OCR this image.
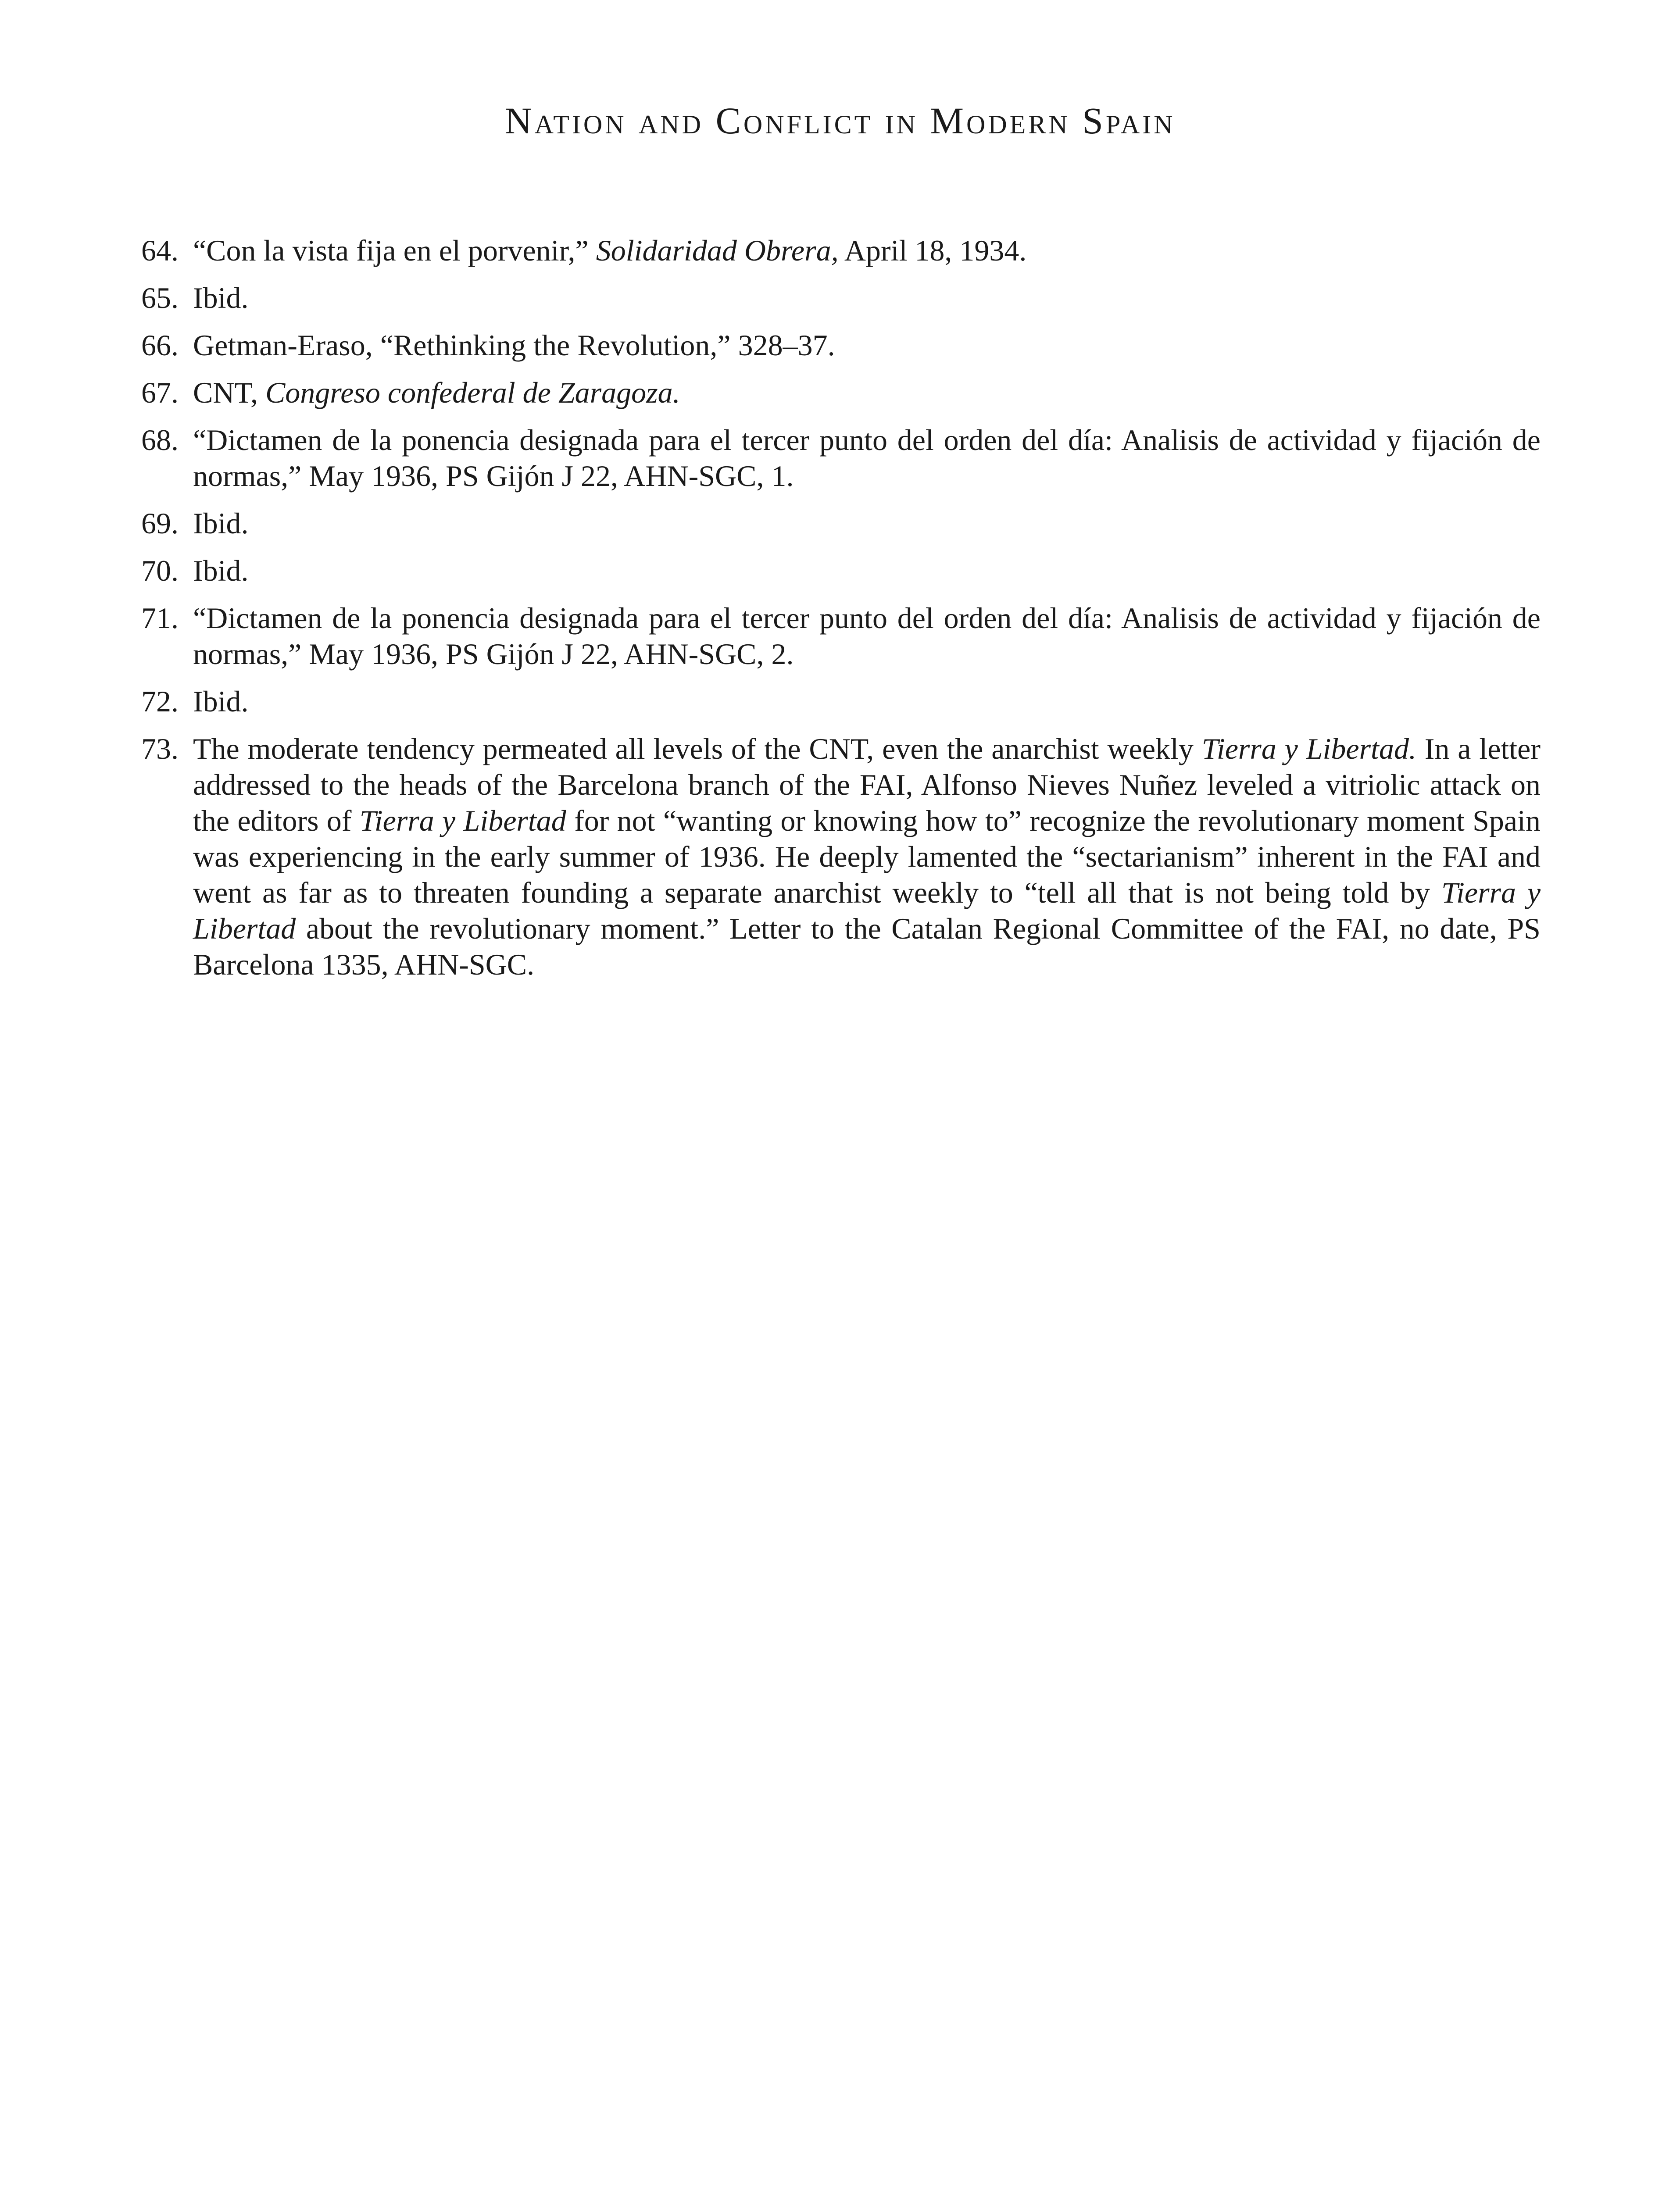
Nation and Conflict in Modern Spain
64. “Con la vista fija en el porvenir,” Solidaridad Obrera, April 18, 1934.
65. Ibid.
66. Getman-Eraso, “Rethinking the Revolution,” 328–37.
67. CNT, Congreso confederal de Zaragoza.
68. “Dictamen de la ponencia designada para el tercer punto del orden del día: Analisis de actividad y fijación de normas,” May 1936, PS Gijón J 22, AHN-SGC, 1.
69. Ibid.
70. Ibid.
71. “Dictamen de la ponencia designada para el tercer punto del orden del día: Analisis de actividad y fijación de normas,” May 1936, PS Gijón J 22, AHN-SGC, 2.
72. Ibid.
73. The moderate tendency permeated all levels of the CNT, even the anarchist weekly Tierra y Libertad. In a letter addressed to the heads of the Barcelona branch of the FAI, Alfonso Nieves Nuñez leveled a vitriolic attack on the editors of Tierra y Libertad for not “wanting or knowing how to” recognize the revolutionary moment Spain was experiencing in the early summer of 1936. He deeply lamented the “sectarianism” inherent in the FAI and went as far as to threaten founding a separate anarchist weekly to “tell all that is not being told by Tierra y Libertad about the revolutionary moment.” Letter to the Catalan Regional Committee of the FAI, no date, PS Barcelona 1335, AHN-SGC.
